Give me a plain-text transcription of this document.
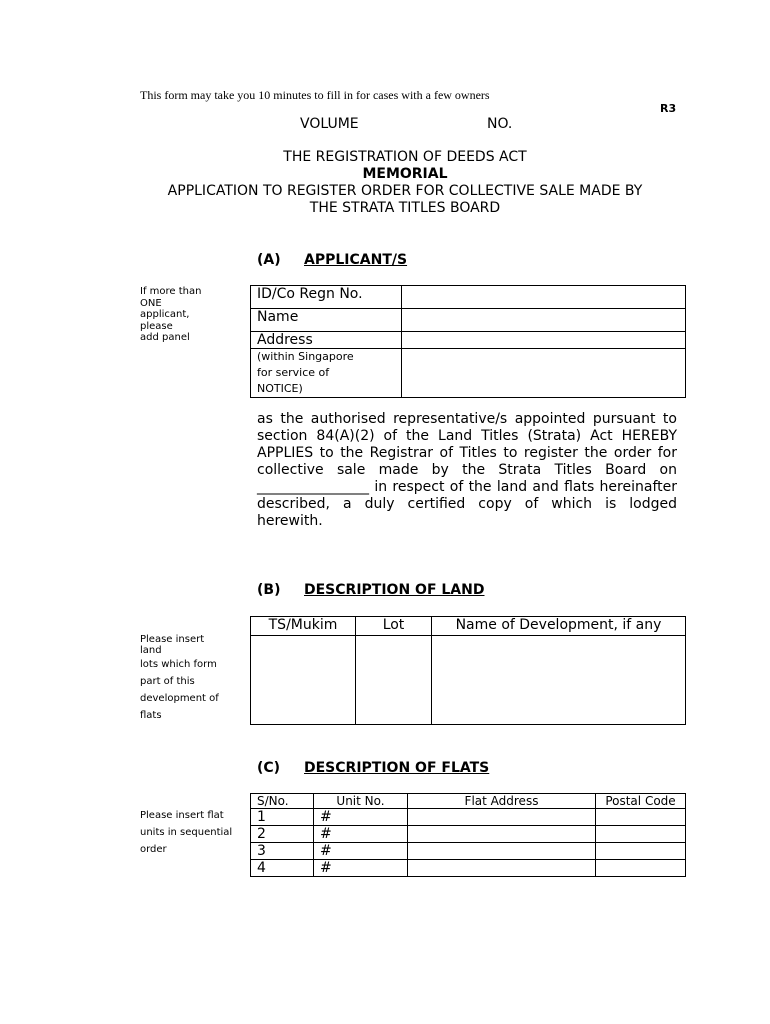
This form may take you 10 minutes to fill in for cases with a few owners
R3
VOLUME	NO.
THE REGISTRATION OF DEEDS ACT
MEMORIAL
APPLICATION TO REGISTER ORDER FOR COLLECTIVE SALE MADE BY
THE STRATA TITLES BOARD
(A) APPLICANT/S
If more than
ONE
applicant,
please
add panel
ID/Co Regn No.	
Name	
Address	

(within Singapore
for service of
NOTICE)	

as the authorised representative/s appointed pursuant to section 84(A)(2) of the Land Titles (Strata) Act HEREBY APPLIES to the Registrar of Titles to register the order for collective sale made by the Strata Titles Board on ________________ in respect of the land and flats hereinafter described, a duly certified copy of which is lodged herewith.
(B) DESCRIPTION OF LAND
Please insert
land
lots which form
part of this
development of
flats
TS/Mukim	Lot	Name of Development, if any

(C) DESCRIPTION OF FLATS
Please insert flat
units in sequential
order
S/No.	Unit No.	Flat Address	Postal Code
1	#		
2	#		
3	#		
4	#		
